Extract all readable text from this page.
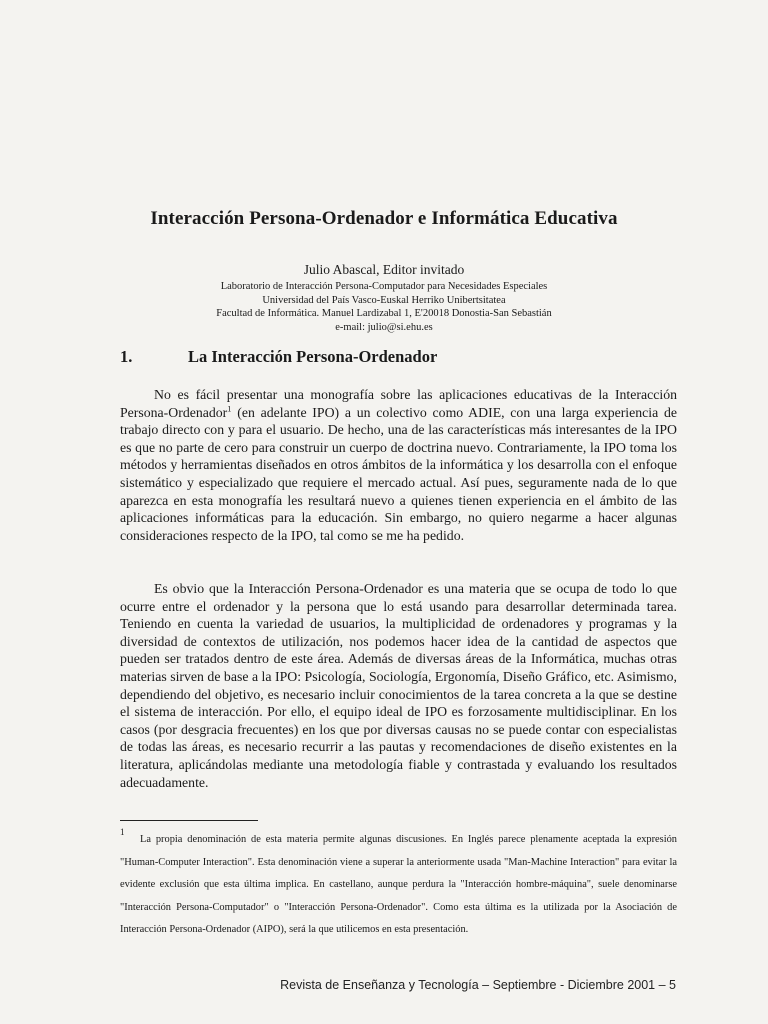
Interacción Persona-Ordenador e Informática Educativa
Julio Abascal, Editor invitado
Laboratorio de Interacción Persona-Computador para Necesidades Especiales
Universidad del País Vasco-Euskal Herriko Unibertsitatea
Facultad de Informática. Manuel Lardizabal 1, E'20018 Donostia-San Sebastián
e-mail: julio@si.ehu.es
1.	La Interacción Persona-Ordenador

No es fácil presentar una monografía sobre las aplicaciones educativas de la Interacción Persona-Ordenador$^1$ (en adelante IPO) a un colectivo como ADIE, con una larga experiencia de trabajo directo con y para el usuario. De hecho, una de las características más interesantes de la IPO es que no parte de cero para construir un cuerpo de doctrina nuevo. Contrariamente, la IPO toma los métodos y herramientas diseñados en otros ámbitos de la informática y los desarrolla con el enfoque sistemático y especializado que requiere el mercado actual. Así pues, seguramente nada de lo que aparezca en esta monografía les resultará nuevo a quienes tienen experiencia en el ámbito de las aplicaciones informáticas para la educación. Sin embargo, no quiero negarme a hacer algunas consideraciones respecto de la IPO, tal como se me ha pedido.

Es obvio que la Interacción Persona-Ordenador es una materia que se ocupa de todo lo que ocurre entre el ordenador y la persona que lo está usando para desarrollar determinada tarea. Teniendo en cuenta la variedad de usuarios, la multiplicidad de ordenadores y programas y la diversidad de contextos de utilización, nos podemos hacer idea de la cantidad de aspectos que pueden ser tratados dentro de este área. Además de diversas áreas de la Informática, muchas otras materias sirven de base a la IPO: Psicología, Sociología, Ergonomía, Diseño Gráfico, etc. Asimismo, dependiendo del objetivo, es necesario incluir conocimientos de la tarea concreta a la que se destine el sistema de interacción. Por ello, el equipo ideal de IPO es forzosamente multidisciplinar. En los casos (por desgracia frecuentes) en los que por diversas causas no se puede contar con especialistas de todas las áreas, es necesario recurrir a las pautas y recomendaciones de diseño existentes en la literatura, aplicándolas mediante una metodología fiable y contrastada y evaluando los resultados adecuadamente.

1

La propia denominación de esta materia permite algunas discusiones. En Inglés parece plenamente aceptada la expresión "Human-Computer Interaction". Esta denominación viene a superar la anteriormente usada "Man-Machine Interaction" para evitar la evidente exclusión que esta última implica. En castellano, aunque perdura la "Interacción hombre-máquina", suele denominarse "Interacción Persona-Computador" o "Interacción Persona-Ordenador". Como esta última es la utilizada por la Asociación de Interacción Persona-Ordenador (AIPO), será la que utilicemos en esta presentación.

Revista de Enseñanza y Tecnología – Septiembre - Diciembre 2001 – 5
